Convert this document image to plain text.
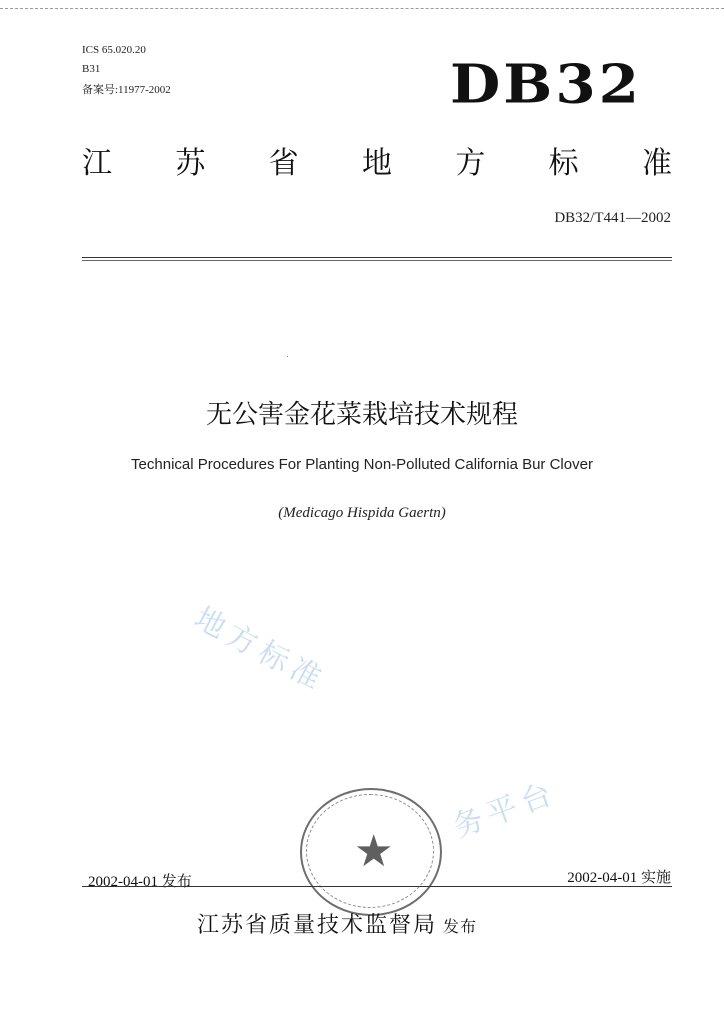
ICS 65.020.20
B31
备案号:11977-2002	DB32
江 苏 省 地 方 标 准
DB32/T441—2002
无公害金花菜栽培技术规程
Technical Procedures For Planting Non-Polluted California Bur Clover
(Medicago Hispida Gaertn)
地方标准
务平台
★
2002-04-01 发布	2002-04-01 实施
江苏省质量技术监督局 发布
